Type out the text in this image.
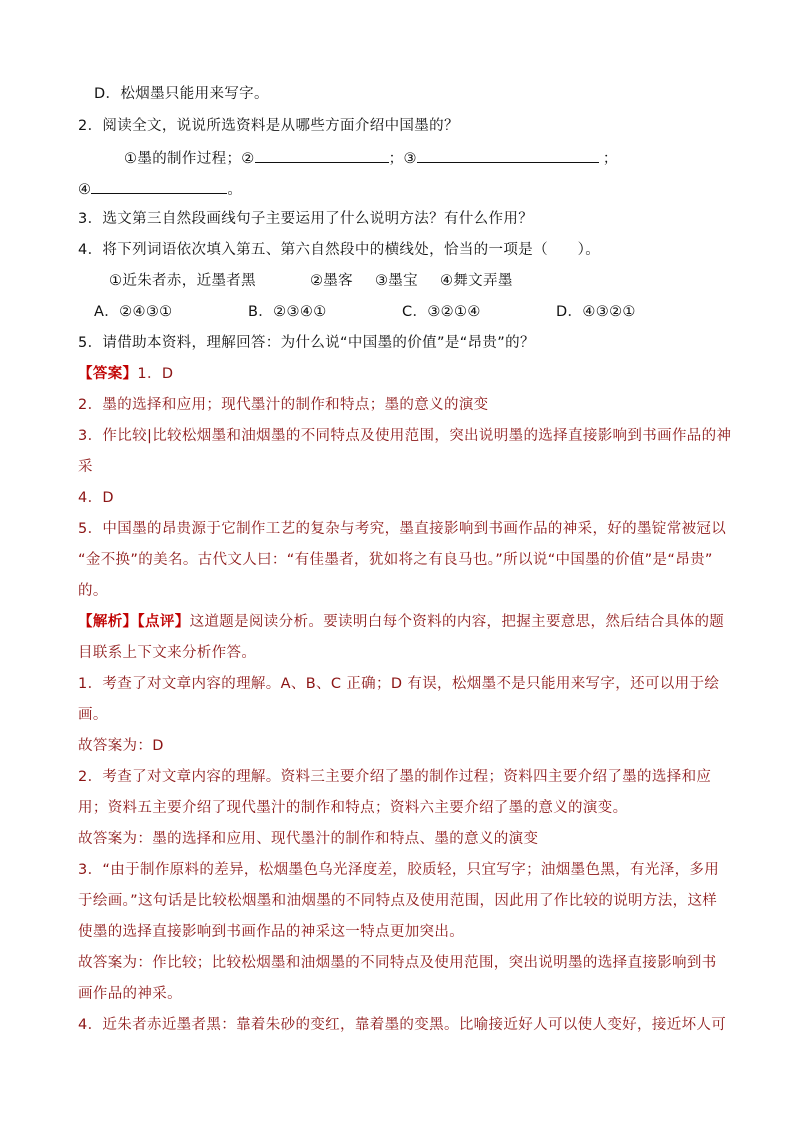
D．松烟墨只能用来写字。
2．阅读全文，说说所选资料是从哪些方面介绍中国墨的？
①墨的制作过程；②	；③	；
④	。
3．选文第三自然段画线句子主要运用了什么说明方法？有什么作用？
4．将下列词语依次填入第五、第六自然段中的横线处，恰当的一项是（　　）。
①近朱者赤，近墨者黑	②墨客 ③墨宝 ④舞文弄墨
A．②④③①	B．②③④①	C．③②①④	D．④③②①
5．请借助本资料，理解回答：为什么说“中国墨的价值”是“昂贵”的？
【答案】1．D
2．墨的选择和应用；现代墨汁的制作和特点；墨的意义的演变
3．作比较|比较松烟墨和油烟墨的不同特点及使用范围，突出说明墨的选择直接影响到书画作品的神
采
4．D
5．中国墨的昂贵源于它制作工艺的复杂与考究，墨直接影响到书画作品的神采，好的墨锭常被冠以
“金不换”的美名。古代文人曰：“有佳墨者，犹如将之有良马也。”所以说“中国墨的价值”是“昂贵”
的。
【解析】【点评】这道题是阅读分析。要读明白每个资料的内容，把握主要意思，然后结合具体的题
目联系上下文来分析作答。
1．考查了对文章内容的理解。A、B、C 正确；D 有误，松烟墨不是只能用来写字，还可以用于绘
画。
故答案为：D
2．考查了对文章内容的理解。资料三主要介绍了墨的制作过程；资料四主要介绍了墨的选择和应
用；资料五主要介绍了现代墨汁的制作和特点；资料六主要介绍了墨的意义的演变。
故答案为：墨的选择和应用、现代墨汁的制作和特点、墨的意义的演变
3．“由于制作原料的差异，松烟墨色乌光泽度差，胶质轻，只宜写字；油烟墨色黑，有光泽，多用
于绘画。”这句话是比较松烟墨和油烟墨的不同特点及使用范围，因此用了作比较的说明方法，这样
使墨的选择直接影响到书画作品的神采这一特点更加突出。
故答案为：作比较；比较松烟墨和油烟墨的不同特点及使用范围，突出说明墨的选择直接影响到书
画作品的神采。
4．近朱者赤近墨者黑：靠着朱砂的变红，靠着墨的变黑。比喻接近好人可以使人变好，接近坏人可
